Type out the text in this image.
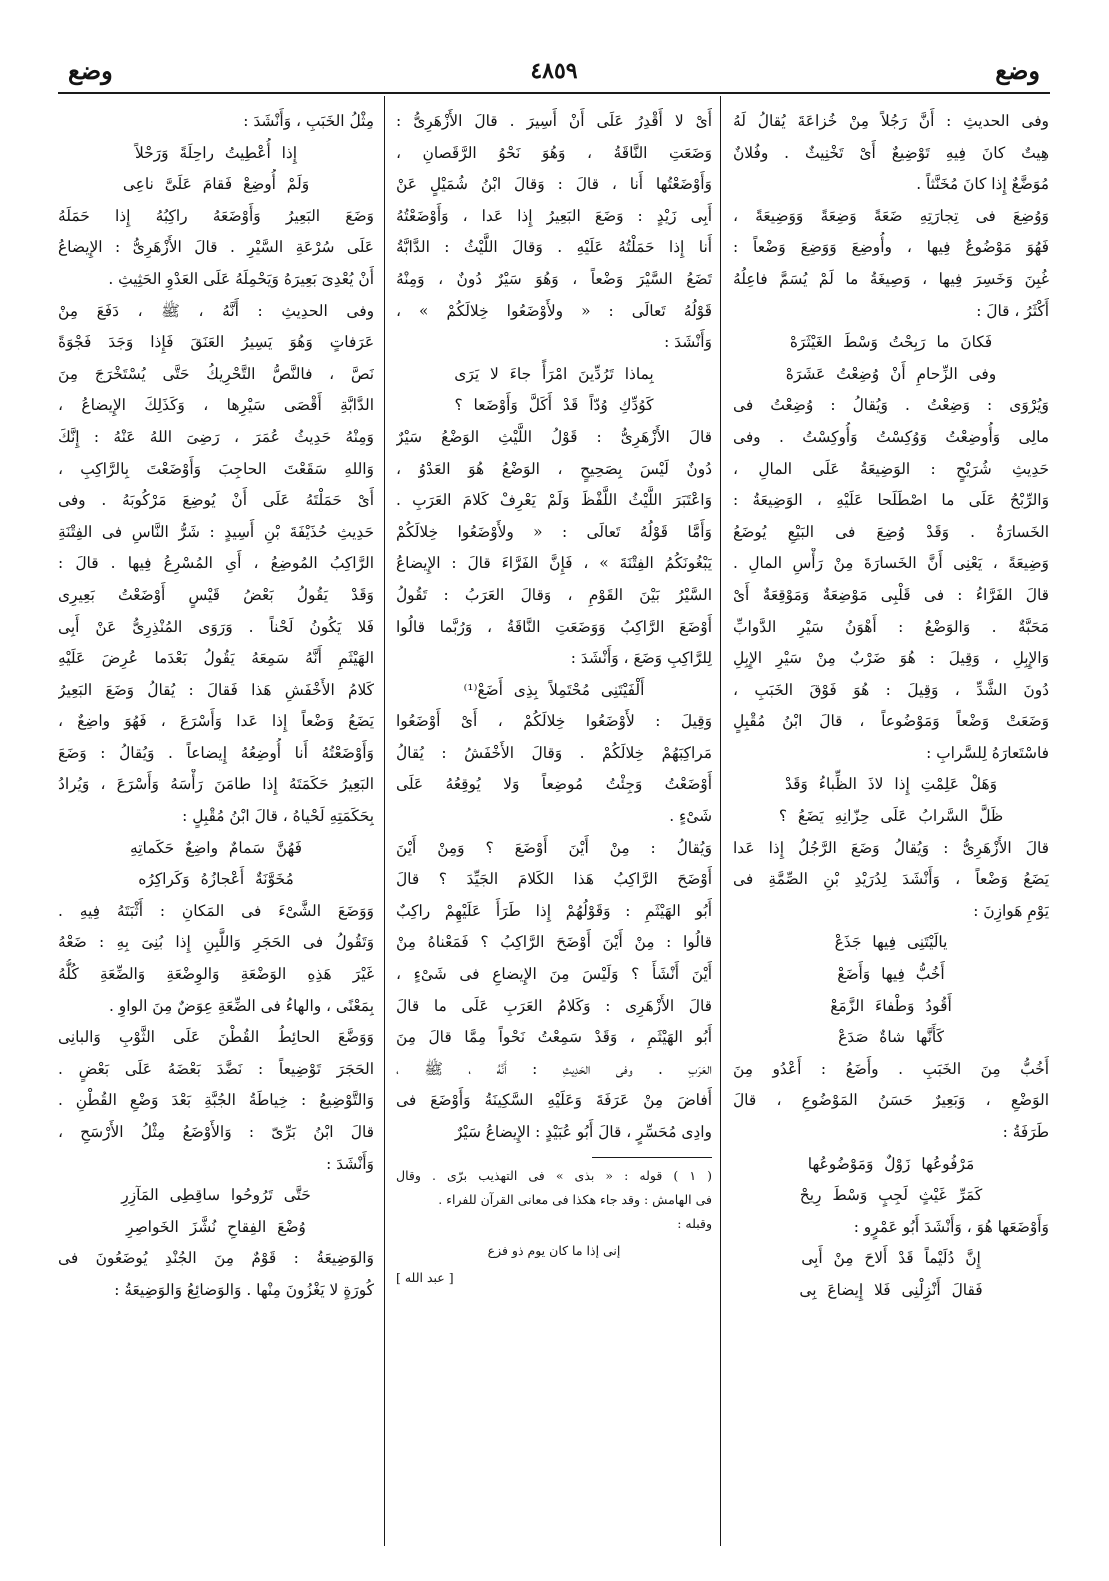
وضع
٤٨٥٩
وضع
وفى الحديثِ : أَنَّ رَجُلاً مِنْ خُزاعَةَ يُقالُ لَهُ
هِيتٌ كانَ فِيهِ تَوْضِيعٌ أَىْ تَخْنِيثٌ . وفُلانٌ
مُوَضَّعٌ إِذا كانَ مُخَنَّثاً .
وَوُضِعَ فى تِجارَتِهِ ضَعَةً وَضِعَةً وَوَضِيعَةً ،
فَهُوَ مَوْضُوعٌ فِيها ، وأُوضِعَ وَوَضِعَ وَضْعاً :
غُبِنَ وَخَسِرَ فِيها ، وَصِيغَةُ ما لَمْ يُسَمَّ فاعِلُهُ
أَكْثَرُ ، قالَ :
فَكانَ ما رَبِحْتُ وَسْطَ الغَيْثَرَهْ
وفى الزِّحامِ أَنْ وُضِعْتُ عَشَرَهْ
وَيُرْوَى : وَضِعْتُ . وَيُقالُ : وُضِعْتُ فى
مالِى وَأُوضِعْتُ وَوُكِسْتُ وَأُوكِسْتُ . وفى
حَدِيثِ شُرَيْحٍ : الوَضِيعَةُ عَلَى المالِ ،
وَالرِّبْحُ عَلَى ما اصْطَلَحا عَلَيْهِ ، الوَضِيعَةُ :
الخَسارَةُ . وَقَدْ وُضِعَ فى البَيْعِ يُوضَعُ
وَضِيعَةً ، يَعْنِى أَنَّ الخَسارَةَ مِنْ رَأْسِ المالِ .
قالَ الفَرَّاءُ : فى قَلْبِى مَوْضِعَةٌ وَمَوْقِعَةٌ أَىْ
مَحَبَّةٌ . وَالوَضْعُ : أَهْوَنُ سَيْرِ الدَّوابِّ
وَالإِبِلِ ، وَقِيلَ : هُوَ ضَرْبٌ مِنْ سَيْرِ الإِبِلِ
دُونَ الشَّدِّ ، وَقِيلَ : هُوَ فَوْقَ الخَبَبِ ،
وَضَعَتْ وَضْعاً وَمَوْضُوعاً ، قالَ ابْنُ مُقْبِلٍ
فاسْتَعارَهُ لِلسَّرابِ :
وَهَلْ عَلِمْتِ إِذا لاذَ الظِّباءُ وَقَدْ
ظَلَّ السَّرابُ عَلَى حِزّانِهِ يَضَعُ ؟
قالَ الأَزْهَرِىُّ : وَيُقالُ وَضَعَ الرَّجُلُ إِذا عَدا
يَضَعُ وَضْعاً ، وَأَنْشَدَ لِدُرَيْدِ بْنِ الصِّمَّةِ فى
يَوْمِ هَوازِنَ :
يالَيْتَنِى فِيها جَذَعْ
أَخُبُّ فِيها وَأَضَعْ
أَقُودُ وَطْفاءَ الزَّمَعْ
كَأَنَّها شاةٌ صَدَعْ
أَخُبُّ مِنَ الخَبَبِ . وأَضَعُ : أَعْدُو مِنَ
الوَضْعِ ، وَبَعِيرٌ حَسَنُ المَوْضُوعِ ، قالَ
طَرَفَةُ :
مَرْفُوعُها زَوْلٌ وَمَوْضُوعُها
كَمَرِّ غَيْثٍ لَجِبٍ وَسْطَ رِيحْ
وَأَوْضَعَها هُوَ ، وَأَنْشَدَ أَبُو عَمْرٍو :
إِنَّ دُلَيْماً قَدْ أَلاحَ مِنْ أَبِى
فَقالَ أَنْزِلْنِى فَلا إِيضاعَ بِى
أَىْ لا أَقْدِرُ عَلَى أَنْ أَسِيرَ . قالَ الأَزْهَرِىُّ :
وَضَعَتِ النَّاقَةُ ، وَهُوَ نَحْوُ الرَّقَصانِ ،
وَأَوْضَعْتُها أَنا ، قالَ : وَقالَ ابْنُ شُمَيْلٍ عَنْ
أَبِى زَيْدٍ : وَضَعَ البَعِيرُ إِذا عَدا ، وَأَوْضَعْتُهُ
أَنا إِذا حَمَلْتُهُ عَلَيْهِ . وَقالَ اللَّيْثُ : الدَّابَّةُ
تَضَعُ السَّيْرَ وَضْعاً ، وَهُوَ سَيْرٌ دُونٌ ، وَمِنْهُ
قَوْلُهُ تَعالَى : « ولأَوْضَعُوا خِلالَكُمْ » ،
وَأَنْشَدَ :
بِماذا تَرُدِّينَ امْرَأً جاءَ لا يَرَى
كَوُدِّكِ وُدّاً قَدْ أَكَلَّ وَأَوْضَعا ؟
قالَ الأَزْهَرِىُّ : قَوْلُ اللَّيْثِ الوَضْعُ سَيْرٌ
دُونٌ لَيْسَ بِصَحِيحٍ ، الوَضْعُ هُوَ العَدْوُ ،
وَاعْتَبَرَ اللَّيْثُ اللَّفْظَ وَلَمْ يَعْرِفْ كَلامَ العَرَبِ .
وَأَمَّا قَوْلُهُ تَعالَى : « ولأَوْضَعُوا خِلالَكُمْ
يَبْغُونَكُمُ الفِتْنَةَ » ، فَإِنَّ الفَرَّاءَ قالَ : الإِيضاعُ
السَّيْرُ بَيْنَ القَوْمِ ، وَقالَ العَرَبُ : تَقُولُ
أَوْضَعَ الرَّاكِبُ وَوَضَعَتِ النَّاقَةُ ، وَرُبَّما قالُوا
لِلرَّاكِبِ وَضَعَ ، وَأَنْشَدَ :
أَلْفَيْتَنِى مُحْتَمِلاً بِذِى أَضَعْ⁽¹⁾
وَقِيلَ : لأَوْضَعُوا خِلالَكُمْ ، أَىْ أَوْضَعُوا
مَراكِبَهُمْ خِلالَكُمْ . وَقالَ الأَخْفَشُ : يُقالُ
أَوْضَعْتُ وَجِئْتُ مُوضِعاً وَلا يُوقِعُهُ عَلَى
شَىْءٍ .
وَيُقالُ : مِنْ أَيْنَ أَوْضَعَ ؟ وَمِنْ أَيْنَ
أَوْضَحَ الرَّاكِبُ هَذا الكَلامَ الجَيِّدَ ؟ قالَ
أَبُو الهَيْثَمِ : وَقَوْلُهُمْ إِذا طَرَأَ عَلَيْهِمْ راكِبٌ
قالُوا : مِنْ أَيْنَ أَوْضَحَ الرَّاكِبُ ؟ فَمَعْناهُ مِنْ
أَيْنَ أَنْشَأَ ؟ وَلَيْسَ مِنَ الإِيضاعِ فى شَىْءٍ ،
قالَ الأَزْهَرِى : وَكَلامُ العَرَبِ عَلَى ما قالَ
أَبُو الهَيْثَمِ ، وَقَدْ سَمِعْتُ نَحْواً مِمَّا قالَ مِنَ
العَرَبِ . وفى الحَدِيثِ : أَنَّهُ ، ﷺ ،
أَفاضَ مِنْ عَرَفَةَ وَعَلَيْهِ السَّكِينَةُ وَأَوْضَعَ فى
وادِى مُحَسِّرٍ ، قالَ أَبُو عُبَيْدٍ : الإِيضاعُ سَيْرٌ
( ١ ) قوله : « بذى » فى التهذيب برّى . وقال
فى الهامش : وقد جاء هكذا فى معانى القرآن للفراء .
وقبله :
إنى إذا ما كان يوم ذو فزع
[ عبد الله ]
مِثْلُ الخَبَبِ ، وَأَنْشَدَ :
إِذا أُعْطِيتُ راحِلَةً وَرَحْلاً
وَلَمْ أُوضِعْ فَقامَ عَلَىَّ ناعِى
وَضَعَ البَعِيرُ وَأَوْضَعَهُ راكِبُهُ إِذا حَمَلَهُ
عَلَى سُرْعَةِ السَّيْرِ . قالَ الأَزْهَرِىُّ : الإِيضاعُ
أَنْ يُعْدِىَ بَعِيرَهُ وَيَحْمِلَهُ عَلَى العَدْوِ الحَثِيثِ .
وفى الحدِيثِ : أَنَّهُ ، ﷺ ، دَفَعَ مِنْ
عَرَفاتٍ وَهُوَ يَسِيرُ العَنَقَ فَإِذا وَجَدَ فَجْوَةً
نَصَّ ، فالنَّصُّ التَّحْرِيكُ حَتَّى يُسْتَخْرَجَ مِنَ
الدَّابَّةِ أَقْصَى سَيْرِها ، وَكَذَلِكَ الإِيضاعُ ،
وَمِنْهُ حَدِيثُ عُمَرَ ، رَضِىَ اللهُ عَنْهُ : إِنَّكَ
وَاللهِ سَقَعْتَ الحاجِبَ وَأَوْضَعْتَ بِالرَّاكِبِ ،
أَىْ حَمَلْتَهُ عَلَى أَنْ يُوضِعَ مَرْكُوبَهُ . وفى
حَدِيثِ حُذَيْفَةَ بْنِ أَسِيدٍ : شَرُّ النَّاسِ فى الفِتْنَةِ
الرَّاكِبُ المُوضِعُ ، أَىِ المُسْرِعُ فِيها . قالَ :
وَقَدْ يَقُولُ بَعْضُ قَيْسٍ أَوْضَعْتُ بَعِيرِى
فَلا يَكُونُ لَحْناً . وَرَوَى المُنْذِرِىُّ عَنْ أَبِى
الهَيْثَمِ أَنَّهُ سَمِعَهُ يَقُولُ بَعْدَما عُرِضَ عَلَيْهِ
كَلامُ الأَخْفَشِ هَذا فَقالَ : يُقالُ وَضَعَ البَعِيرُ
يَضَعُ وَضْعاً إِذا عَدا وَأَسْرَعَ ، فَهُوَ واضِعٌ ،
وَأَوْضَعْتُهُ أَنا أُوضِعُهُ إِيضاعاً . وَيُقالُ : وَضَعَ
البَعِيرُ حَكَمَتَهُ إِذا طامَنَ رَأْسَهُ وَأَسْرَعَ ، وَيُرادُ
بِحَكَمَتِهِ لَحْياهُ ، قالَ ابْنُ مُقْبِلٍ :
فَهُنَّ سَمامٌ واضِعٌ حَكَماتِهِ
مُخَوَّنَةٌ أَعْجازُهُ وَكَراكِرُه
وَوَضَعَ الشَّىْءَ فى المَكانِ : أَثْبَتَهُ فِيهِ .
وَتَقُولُ فى الحَجَرِ وَاللَّبِنِ إِذا بُنِىَ بِهِ : ضَعْهُ
غَيْرَ هَذِهِ الوَضْعَةِ وَالوِضْعَةِ وَالضِّعَةِ كُلُّهُ
بِمَعْنًى ، والهاءُ فى الضِّعَةِ عِوَضٌ مِنَ الواوِ .
وَوَضَّعَ الحائِطُ القُطْنَ عَلَى الثَّوْبِ وَالبانِى
الحَجَرَ تَوْضِيعاً : نَضَّدَ بَعْضَهُ عَلَى بَعْضٍ .
وَالتَّوْضِيعُ : خِياطَةُ الجُبَّةِ بَعْدَ وَضْعِ القُطْنِ .
قالَ ابْنُ بَرِّىّ : وَالأَوْضَعُ مِثْلُ الأَرْسَحِ ،
وَأَنْشَدَ :
حَتَّى تَرُوحُوا ساقِطِى المَآزِرِ
وُضْعَ الفِقاحِ نُشَّزَ الخَواصِرِ
وَالوَضِيعَةُ : قَوْمٌ مِنَ الجُنْدِ يُوضَعُونَ فى
كُورَةٍ لا يَغْزُونَ مِنْها . وَالوَضائِعُ وَالوَضِيعَةُ :
